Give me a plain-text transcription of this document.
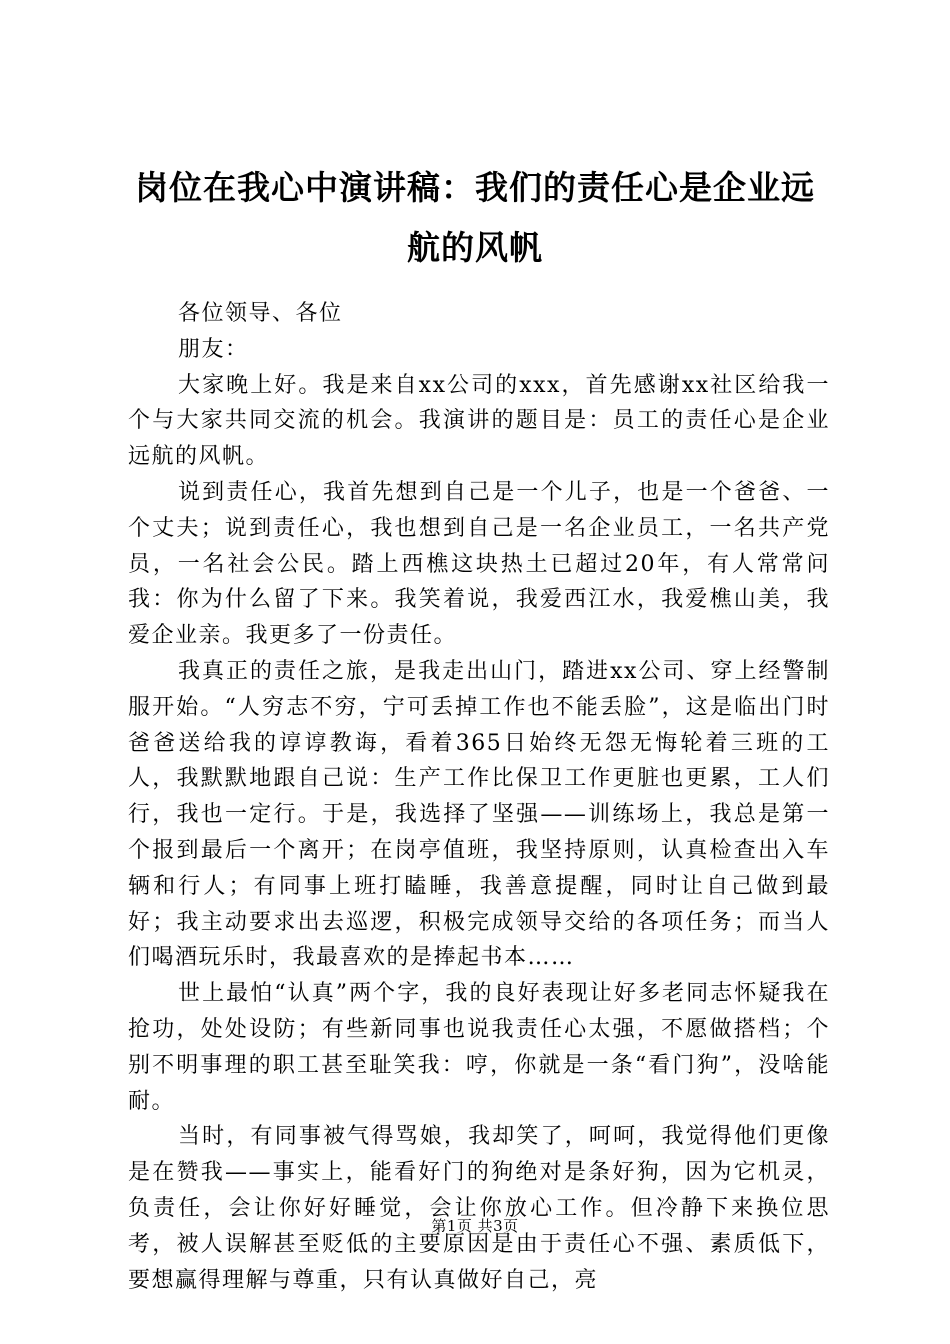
岗位在我心中演讲稿：我们的责任心是企业远航的风帆

各位领导、各位

朋友：

大家晚上好。我是来自xx公司的xxx，首先感谢xx社区给我一个与大家共同交流的机会。我演讲的题目是：员工的责任心是企业远航的风帆。

说到责任心，我首先想到自己是一个儿子，也是一个爸爸、一个丈夫；说到责任心，我也想到自己是一名企业员工，一名共产党员，一名社会公民。踏上西樵这块热土已超过20年，有人常常问我：你为什么留了下来。我笑着说，我爱西江水，我爱樵山美，我爱企业亲。我更多了一份责任。

我真正的责任之旅，是我走出山门，踏进xx公司、穿上经警制服开始。“人穷志不穷，宁可丢掉工作也不能丢脸”，这是临出门时爸爸送给我的谆谆教诲，看着365日始终无怨无悔轮着三班的工人，我默默地跟自己说：生产工作比保卫工作更脏也更累，工人们行，我也一定行。于是，我选择了坚强——训练场上，我总是第一个报到最后一个离开；在岗亭值班，我坚持原则，认真检查出入车辆和行人；有同事上班打瞌睡，我善意提醒，同时让自己做到最好；我主动要求出去巡逻，积极完成领导交给的各项任务；而当人们喝酒玩乐时，我最喜欢的是捧起书本……

世上最怕“认真”两个字，我的良好表现让好多老同志怀疑我在抢功，处处设防；有些新同事也说我责任心太强，不愿做搭档；个别不明事理的职工甚至耻笑我：哼，你就是一条“看门狗”，没啥能耐。

当时，有同事被气得骂娘，我却笑了，呵呵，我觉得他们更像是在赞我——事实上，能看好门的狗绝对是条好狗，因为它机灵，负责任，会让你好好睡觉，会让你放心工作。但冷静下来换位思考，被人误解甚至贬低的主要原因是由于责任心不强、素质低下，要想赢得理解与尊重，只有认真做好自己，亮

第1页 共3页
